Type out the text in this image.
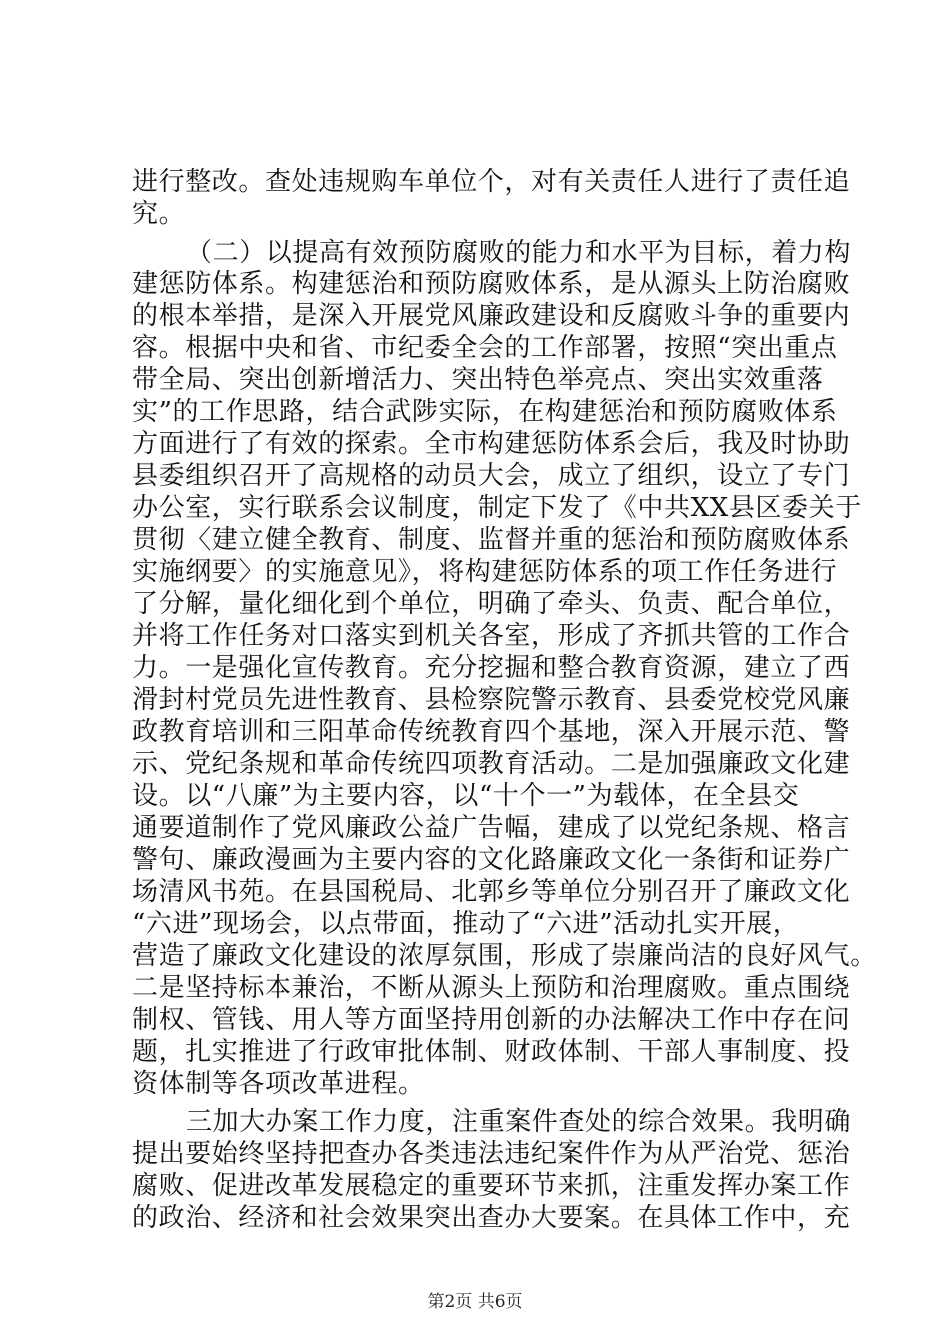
进行整改。查处违规购车单位个，对有关责任人进行了责任追
究。
（二）以提高有效预防腐败的能力和水平为目标，着力构
建惩防体系。构建惩治和预防腐败体系，是从源头上防治腐败
的根本举措，是深入开展党风廉政建设和反腐败斗争的重要内
容。根据中央和省、市纪委全会的工作部署，按照“突出重点
带全局、突出创新增活力、突出特色举亮点、突出实效重落
实”的工作思路，结合武陟实际，在构建惩治和预防腐败体系
方面进行了有效的探索。全市构建惩防体系会后，我及时协助
县委组织召开了高规格的动员大会，成立了组织，设立了专门
办公室，实行联系会议制度，制定下发了《中共XX县区委关于
贯彻〈建立健全教育、制度、监督并重的惩治和预防腐败体系
实施纲要〉的实施意见》，将构建惩防体系的项工作任务进行
了分解，量化细化到个单位，明确了牵头、负责、配合单位，
并将工作任务对口落实到机关各室，形成了齐抓共管的工作合
力。一是强化宣传教育。充分挖掘和整合教育资源，建立了西
滑封村党员先进性教育、县检察院警示教育、县委党校党风廉
政教育培训和三阳革命传统教育四个基地，深入开展示范、警
示、党纪条规和革命传统四项教育活动。二是加强廉政文化建
设。以“八廉”为主要内容，以“十个一”为载体，在全县交
通要道制作了党风廉政公益广告幅，建成了以党纪条规、格言
警句、廉政漫画为主要内容的文化路廉政文化一条街和证券广
场清风书苑。在县国税局、北郭乡等单位分别召开了廉政文化
“六进”现场会，以点带面，推动了“六进”活动扎实开展，
营造了廉政文化建设的浓厚氛围，形成了崇廉尚洁的良好风气。
二是坚持标本兼治，不断从源头上预防和治理腐败。重点围绕
制权、管钱、用人等方面坚持用创新的办法解决工作中存在问
题，扎实推进了行政审批体制、财政体制、干部人事制度、投
资体制等各项改革进程。
三加大办案工作力度，注重案件查处的综合效果。我明确
提出要始终坚持把查办各类违法违纪案件作为从严治党、惩治
腐败、促进改革发展稳定的重要环节来抓，注重发挥办案工作
的政治、经济和社会效果突出查办大要案。在具体工作中，充
第2页 共6页
